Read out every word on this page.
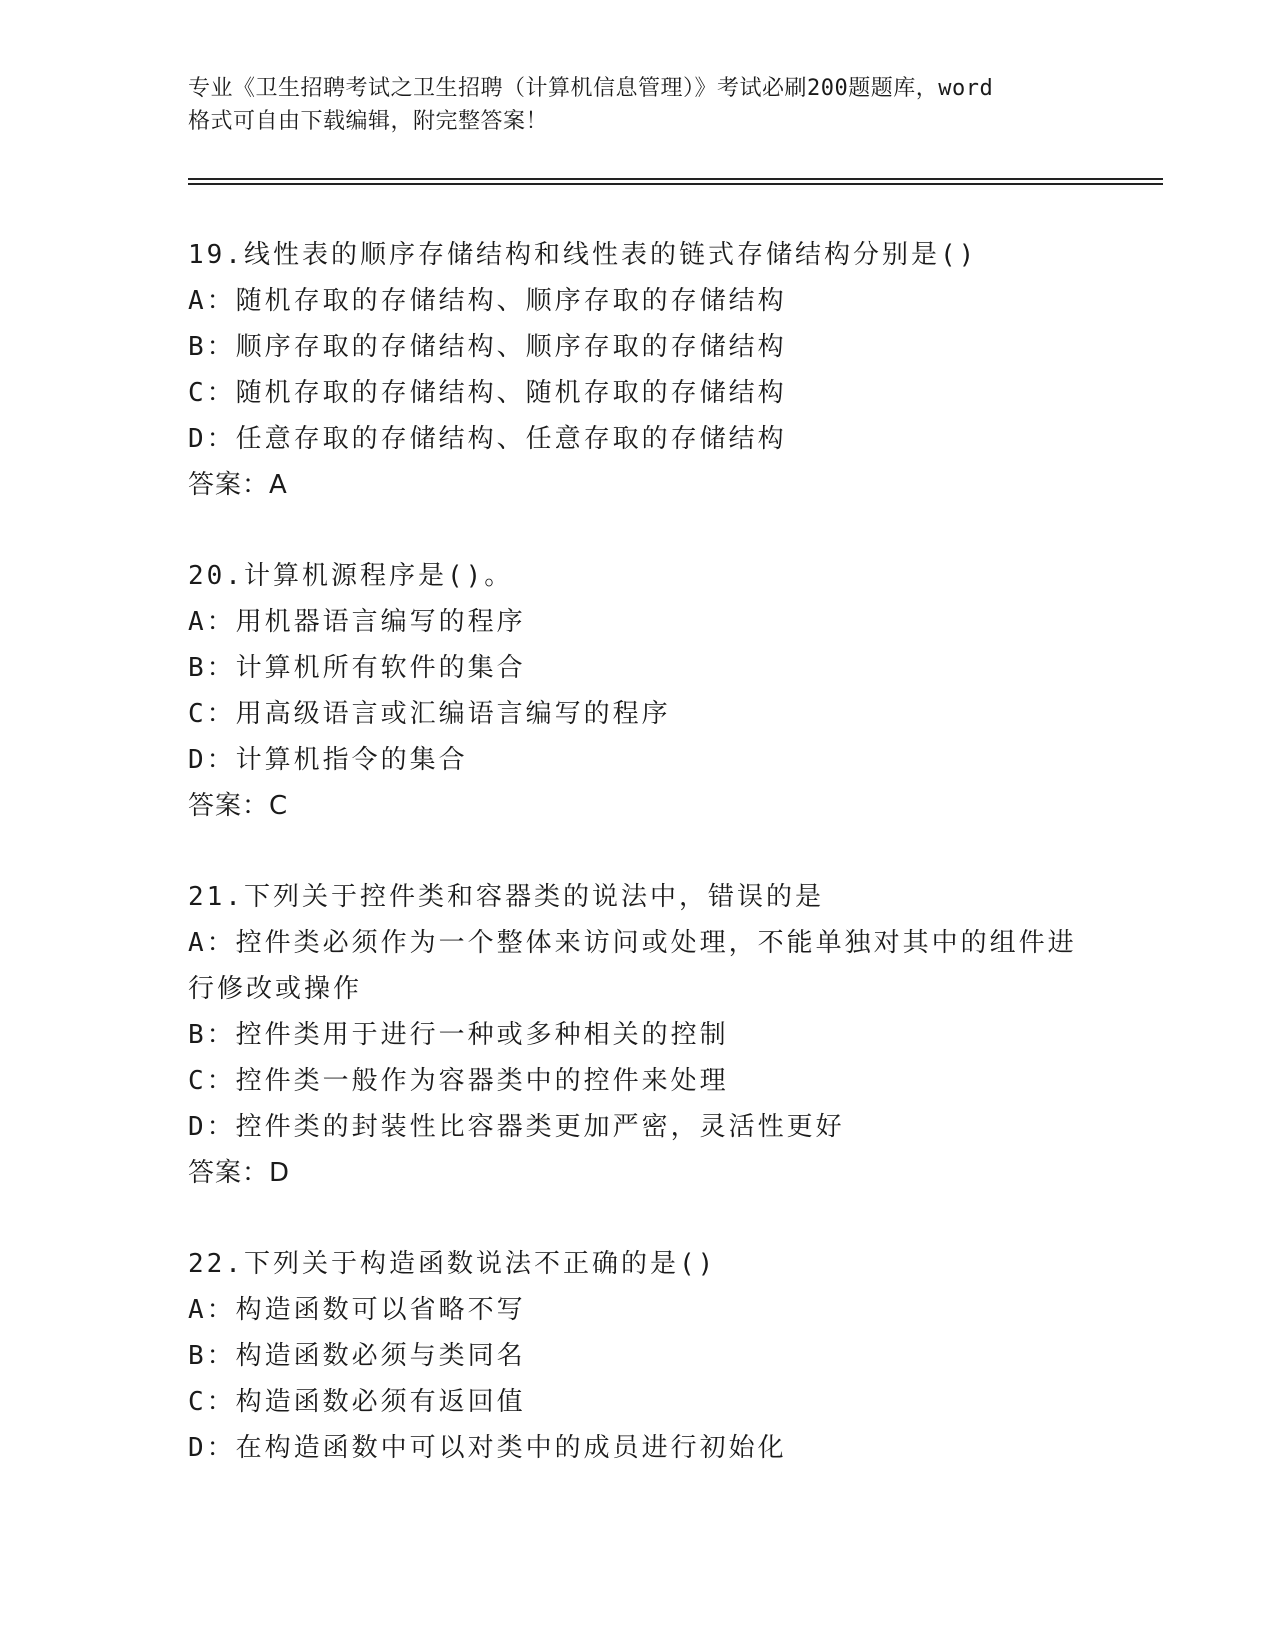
专业《卫生招聘考试之卫生招聘（计算机信息管理）》考试必刷200题题库，word
格式可自由下载编辑，附完整答案！
19.线性表的顺序存储结构和线性表的链式存储结构分别是()
A：随机存取的存储结构、顺序存取的存储结构
B：顺序存取的存储结构、顺序存取的存储结构
C：随机存取的存储结构、随机存取的存储结构
D：任意存取的存储结构、任意存取的存储结构
答案：A
20.计算机源程序是()。
A：用机器语言编写的程序
B：计算机所有软件的集合
C：用高级语言或汇编语言编写的程序
D：计算机指令的集合
答案：C
21.下列关于控件类和容器类的说法中，错误的是
A：控件类必须作为一个整体来访问或处理，不能单独对其中的组件进
行修改或操作
B：控件类用于进行一种或多种相关的控制
C：控件类一般作为容器类中的控件来处理
D：控件类的封装性比容器类更加严密，灵活性更好
答案：D
22.下列关于构造函数说法不正确的是()
A：构造函数可以省略不写
B：构造函数必须与类同名
C：构造函数必须有返回值
D：在构造函数中可以对类中的成员进行初始化
